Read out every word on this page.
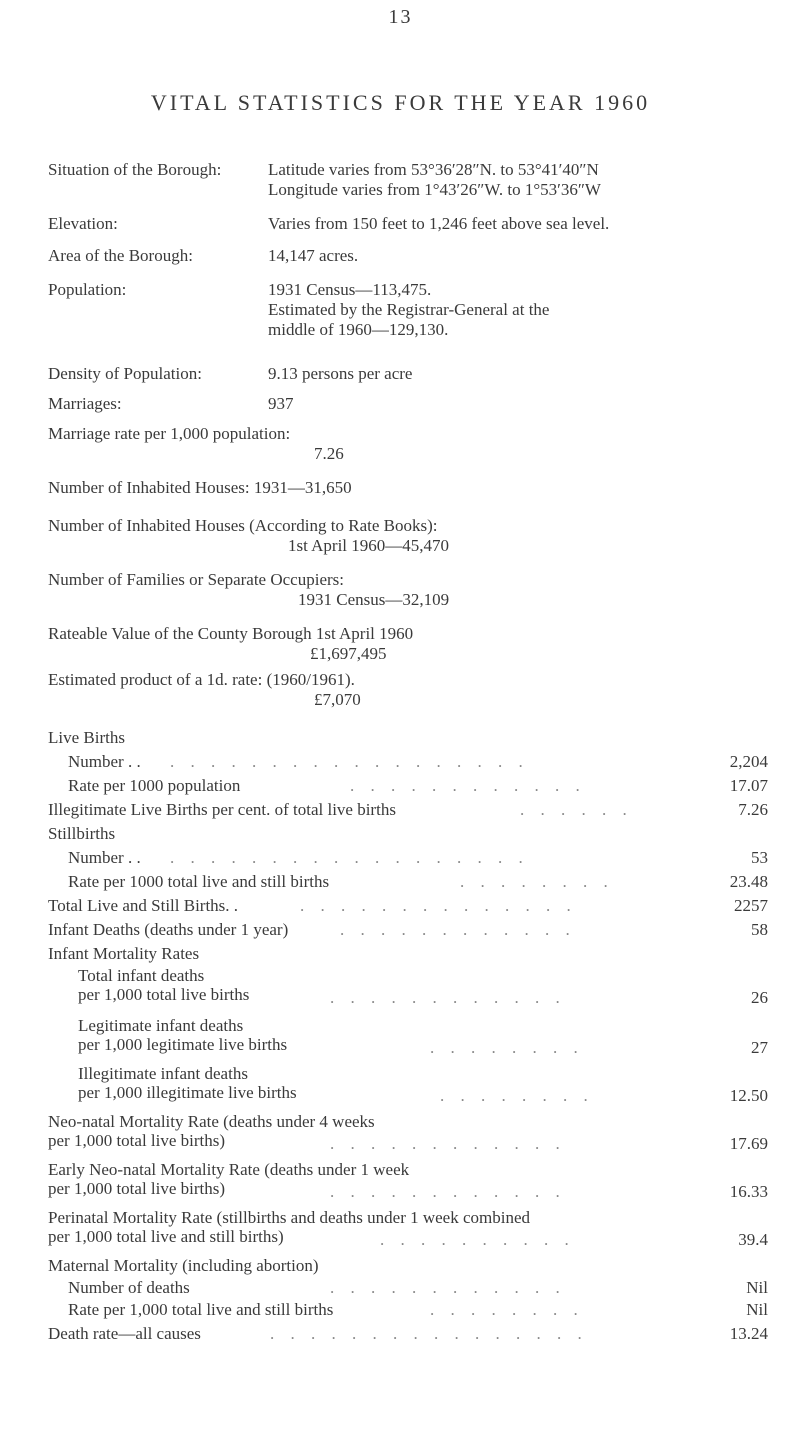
13
VITAL STATISTICS FOR THE YEAR 1960
Situation of the Borough:	Latitude varies from 53°36′28″N. to 53°41′40″N
Longitude varies from 1°43′26″W. to 1°53′36″W
Elevation:	Varies from 150 feet to 1,246 feet above sea level.
Area of the Borough:	14,147 acres.
Population:	1931 Census—113,475.
Estimated by the Registrar-General at the
middle of 1960—129,130.
Density of Population:	9.13 persons per acre
Marriages:	937
Marriage rate per 1,000 population:
7.26
Number of Inhabited Houses: 1931—31,650
Number of Inhabited Houses (According to Rate Books):
1st April 1960—45,470
Number of Families or Separate Occupiers:
1931 Census—32,109
Rateable Value of the County Borough 1st April 1960
£1,697,495
Estimated product of a 1d. rate: (1960/1961).
£7,070
Live Births
Number . . . . . . . . . . . . . . . . . . . .	2,204
Rate per 1000 population	. . . . . . . . . . . .	17.07
Illegitimate Live Births per cent. of total live births	. . . . . .	7.26
Stillbirths
Number . . . . . . . . . . . . . . . . . . . .	53
Rate per 1000 total live and still births	. . . . . . . .	23.48
Total Live and Still Births. .	. . . . . . . . . . . . . .	2257
Infant Deaths (deaths under 1 year)	. . . . . . . . . . . .	58
Infant Mortality Rates
Total infant deaths
per 1,000 total live births	. . . . . . . . . . . .	26
Legitimate infant deaths
per 1,000 legitimate live births	. . . . . . . .	27
Illegitimate infant deaths
per 1,000 illegitimate live births	. . . . . . . .	12.50
Neo-natal Mortality Rate (deaths under 4 weeks
per 1,000 total live births)	. . . . . . . . . . . .	17.69
Early Neo-natal Mortality Rate (deaths under 1 week
per 1,000 total live births)	. . . . . . . . . . . .	16.33
Perinatal Mortality Rate (stillbirths and deaths under 1 week combined
per 1,000 total live and still births)	. . . . . . . . . .	39.4
Maternal Mortality (including abortion)
Number of deaths	. . . . . . . . . . . .	Nil
Rate per 1,000 total live and still births	. . . . . . . .	Nil
Death rate—all causes	. . . . . . . . . . . . . . . .	13.24
